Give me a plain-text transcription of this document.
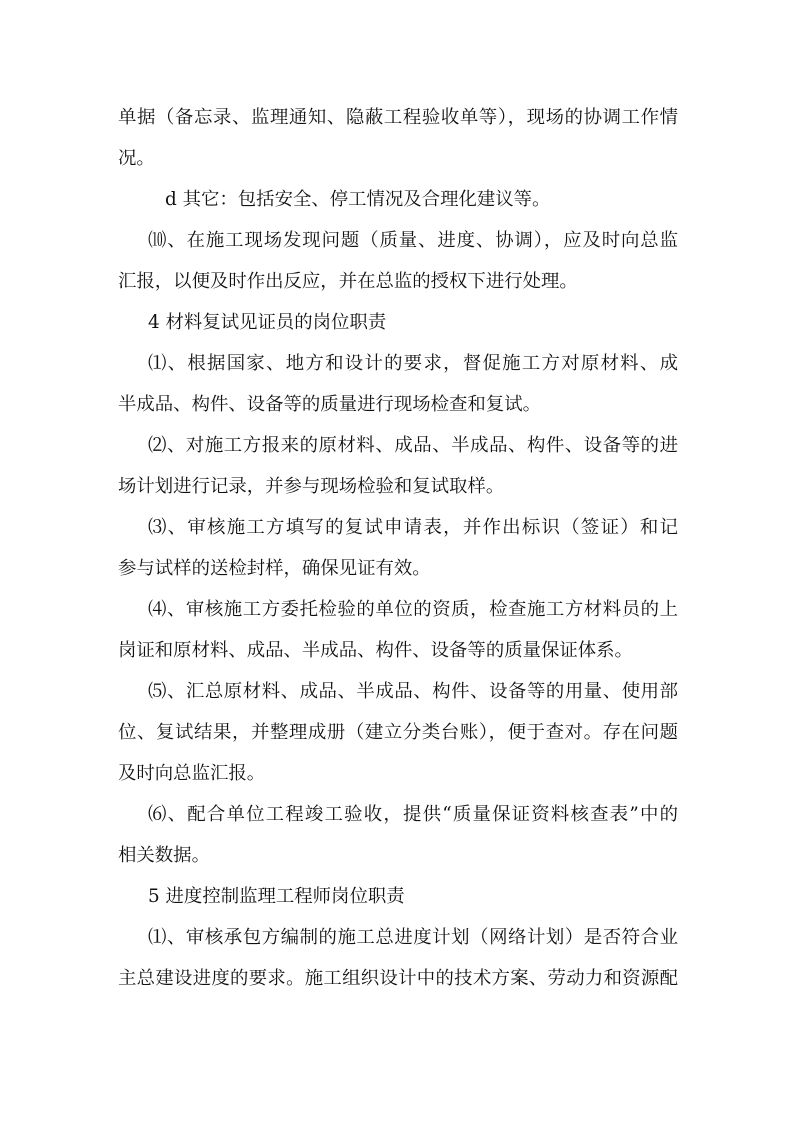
单据（备忘录、监理通知、隐蔽工程验收单等），现场的协调工作情
况。
d 其它：包括安全、停工情况及合理化建议等。
⑽、在施工现场发现问题（质量、进度、协调），应及时向总监
汇报，以便及时作出反应，并在总监的授权下进行处理。
4 材料复试见证员的岗位职责
⑴、根据国家、地方和设计的要求，督促施工方对原材料、成
半成品、构件、设备等的质量进行现场检查和复试。
⑵、对施工方报来的原材料、成品、半成品、构件、设备等的进
场计划进行记录，并参与现场检验和复试取样。
⑶、审核施工方填写的复试申请表，并作出标识（签证）和记
参与试样的送检封样，确保见证有效。
⑷、审核施工方委托检验的单位的资质，检查施工方材料员的上
岗证和原材料、成品、半成品、构件、设备等的质量保证体系。
⑸、汇总原材料、成品、半成品、构件、设备等的用量、使用部
位、复试结果，并整理成册（建立分类台账），便于查对。存在问题
及时向总监汇报。
⑹、配合单位工程竣工验收，提供“质量保证资料核查表”中的
相关数据。
5 进度控制监理工程师岗位职责
⑴、审核承包方编制的施工总进度计划（网络计划）是否符合业
主总建设进度的要求。施工组织设计中的技术方案、劳动力和资源配
